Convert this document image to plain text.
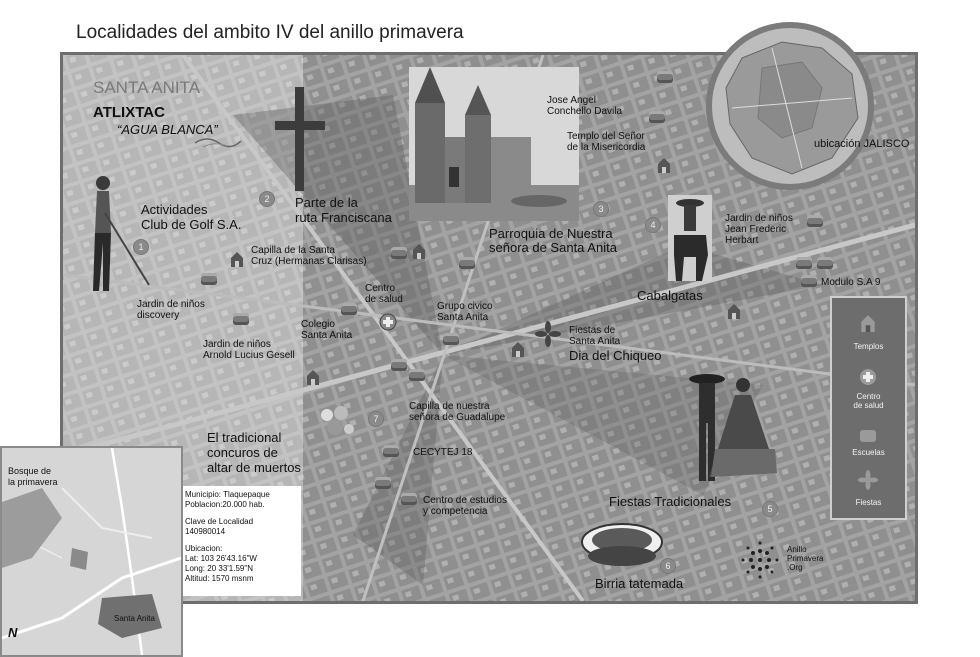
Localidades del ambito IV del anillo primavera
SANTA ANITA
ATLIXTAC
“AGUA BLANCA”
1
2
3
4
5
6
7
Actividades
Club de Golf S.A.
Parte de la
ruta Franciscana
Parroquia de Nuestra
señora de Santa Anita
Jose Angel
Conchello Davila
Templo del Señor
de la Misericordia
Jardin de niños
Jean Frederic
Herbart
Modulo S.A 9
Cabalgatas
Capilla de la Santa
Cruz (Hermanas Clarisas)
Jardin de niños
discovery
Centro
de salud
Grupo civico
Santa Anita
Colegio
Santa Anita
Jardin de niños
Arnold Lucius Gesell
Fiestas de
Santa Anita
Dia del Chiqueo
Capilla de nuestra
señora de Guadalupe
El tradicional
concuros de
altar de muertos
CECYTEJ 18
Centro de estudios
y competencia
Fiestas Tradicionales
Birria tatemada
Anillo
Primavera
.Org
Templos
Centro
de salud
Escuelas
Fiestas
ubicación JALISCO
Municipio: Tlaquepaque
Poblacion:20.000 hab.
Clave de Localidad
140980014
Ubicacion:
Lat: 103 26'43.16"W
Long: 20 33'1.59"N
Altitud: 1570 msnm
Bosque de
la primavera
Santa Anita
N
